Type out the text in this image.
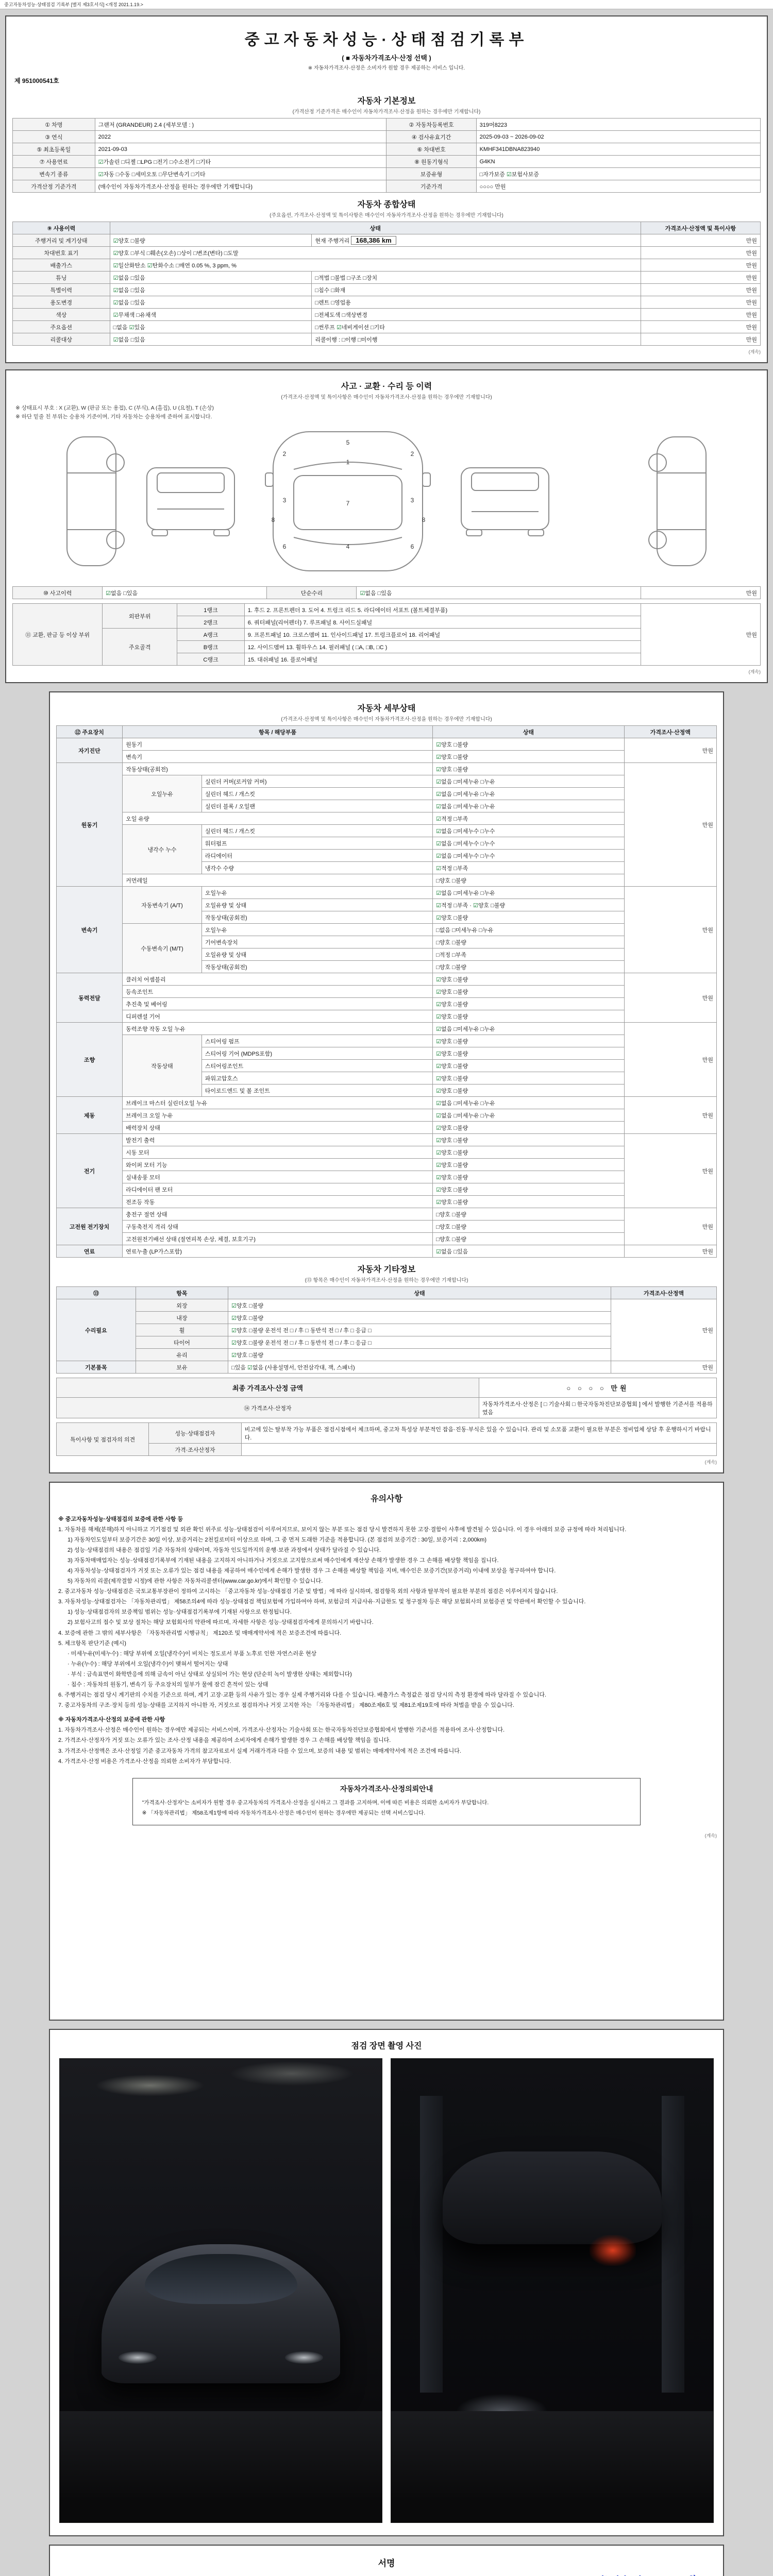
중고자동차성능·상태점검 기록부 [별지 제3호서식] <개정 2021.1.19.>
중고자동차성능·상태점검기록부
( ■ 자동차가격조사·산정 선택 )
※ 자동차가격조사·산정은 소비자가 원할 경우 제공하는 서비스 입니다.
제 951000541호
자동차 기본정보
(가격산정 기준가격은 매수인이 자동차가격조사·산정을 원하는 경우에만 기재합니다)
① 차명	그랜저 (GRANDEUR) 2.4 (세부모델 : )	② 자동차등록번호	319머8223
③ 연식	2022	④ 검사유효기간	2025-09-03 ~ 2026-09-02
⑤ 최초등록일	2021-09-03	⑥ 차대번호	KMHF341DBNA823940
⑦ 사용연료	☑가솔린 □디젤 □LPG □전기 □수소전기 □기타	⑧ 원동기형식	G4KN
변속기 종류	☑자동 □수동 □세미오토 □무단변속기 □기타	보증유형	□자가보증 ☑보험사보증
가격산정 기준가격	(매수인이 자동차가격조사·산정을 원하는 경우에만 기재합니다)	기준가격	○○○○ 만원
자동차 종합상태
(주요옵션, 가격조사·산정액 및 특이사항은 매수인이 자동차가격조사·산정을 원하는 경우에만 기재합니다)
⑨ 사용이력	상태		가격조사·산정액 및 특이사항
주행거리 및 계기상태	☑양호 □불량	현재 주행거리 168,386 km	만원
차대번호 표기	☑양호 □부식 □훼손(오손) □상이 □변조(변타) □도말		만원
배출가스	☑일산화탄소 ☑탄화수소 □매연 0.05 %, 3 ppm, %		만원
튜닝	☑없음 □있음	□적법 □불법 □구조 □장치	만원
특별이력	☑없음 □있음	□침수 □화재	만원
용도변경	☑없음 □있음	□렌트 □영업용	만원
색상	☑무채색 □유채색	□전체도색 □색상변경	만원
주요옵션	□없음 ☑있음	□썬루프 ☑네비게이션 □기타	만원
리콜대상	☑없음 □있음	리콜이행 : □이행 □미이행	만원
(계속)
사고 · 교환 · 수리 등 이력
(가격조사·산정액 및 특이사항은 매수인이 자동차가격조사·산정을 원하는 경우에만 기재합니다)
※ 상태표시 부호 : X (교환), W (판금 또는 용접), C (부식), A (흠집), U (요철), T (손상)
※ 하단 밑줄 친 부위는 승용차 기준이며, 기타 자동차는 승용차에 준하여 표시합니다.
5
1
2	2
7
3	3
8	8
6	6
4
⑩ 사고이력	☑없음 □있음	단순수리	☑없음 □있음	만원
⑪ 교환, 판금 등 이상 부위	외판부위	1랭크	1. 후드 2. 프론트펜더 3. 도어 4. 트렁크 리드 5. 라디에이터 서포트 (볼트체결부품)	만원
		2랭크	6. 쿼터패널(리어펜더) 7. 루프패널 8. 사이드실패널	
	주요골격	A랭크	9. 프론트패널 10. 크로스멤버 11. 인사이드패널 17. 트렁크플로어 18. 리어패널	
		B랭크	12. 사이드멤버 13. 휠하우스 14. 필러패널 ( □A, □B, □C )	
		C랭크	15. 대쉬패널 16. 플로어패널	
(계속)
자동차 세부상태
(가격조사·산정액 및 특이사항은 매수인이 자동차가격조사·산정을 원하는 경우에만 기재합니다)
⑫ 주요장치	항목 / 해당부품		상태	가격조사·산정액
자기진단	원동기		☑양호 □불량	만원
	변속기		☑양호 □불량	
원동기	작동상태(공회전)		☑양호 □불량	만원
	오일누유	실린더 커버(로커암 커버)	☑없음 □미세누유 □누유	
		실린더 헤드 / 개스킷	☑없음 □미세누유 □누유	
		실린더 블록 / 오일팬	☑없음 □미세누유 □누유	
	오일 유량		☑적정 □부족	
	냉각수 누수	실린더 헤드 / 개스킷	☑없음 □미세누수 □누수	
		워터펌프	☑없음 □미세누수 □누수	
		라디에이터	☑없음 □미세누수 □누수	
		냉각수 수량	☑적정 □부족	
	커먼레일		□양호 □불량	
변속기	자동변속기 (A/T)	오일누유	☑없음 □미세누유 □누유	만원
		오일유량 및 상태	☑적정 □부족 · ☑양호 □불량	
		작동상태(공회전)	☑양호 □불량	
	수동변속기 (M/T)	오일누유	□없음 □미세누유 □누유	
		기어변속장치	□양호 □불량	
		오일유량 및 상태	□적정 □부족	
		작동상태(공회전)	□양호 □불량	
동력전달	클러치 어셈블리		☑양호 □불량	만원
	등속조인트		☑양호 □불량	
	추진축 및 베어링		☑양호 □불량	
	디퍼렌셜 기어		☑양호 □불량	
조향	동력조향 작동 오일 누유		☑없음 □미세누유 □누유	만원
	작동상태	스티어링 펌프	☑양호 □불량	
		스티어링 기어 (MDPS포함)	☑양호 □불량	
		스티어링조인트	☑양호 □불량	
		파워고압호스	☑양호 □불량	
		타이로드엔드 및 볼 조인트	☑양호 □불량	
제동	브레이크 마스터 실린더오일 누유		☑없음 □미세누유 □누유	만원
	브레이크 오일 누유		☑없음 □미세누유 □누유	
	배력장치 상태		☑양호 □불량	
전기	발전기 출력		☑양호 □불량	만원
	시동 모터		☑양호 □불량	
	와이퍼 모터 기능		☑양호 □불량	
	실내송풍 모터		☑양호 □불량	
	라디에이터 팬 모터		☑양호 □불량	
	전조등 작동		☑양호 □불량	
고전원 전기장치	충전구 절연 상태		□양호 □불량	만원
	구동축전지 격리 상태		□양호 □불량	
	고전원전기배선 상태 (절연피복 손상, 체결, 보호기구)		□양호 □불량	
연료	연료누출 (LP가스포함)		☑없음 □있음	만원
자동차 기타정보
(⑬ 항목은 매수인이 자동차가격조사·산정을 원하는 경우에만 기재합니다)
⑬	항목	상태	가격조사·산정액
수리필요	외장	☑양호 □불량	만원
	내장	☑양호 □불량	
	휠	☑양호 □불량 운전석 전 □ / 후 □ 동반석 전 □ / 후 □ 응급 □	
	타이어	☑양호 □불량 운전석 전 □ / 후 □ 동반석 전 □ / 후 □ 응급 □	
	유리	☑양호 □불량	
기본품목	보유	□있음 ☑없음 (사용설명서, 안전삼각대, 잭, 스패너)	만원
최종 가격조사·산정 금액	○ ○ ○ ○ 만원
⑭ 가격조사·산정자	자동차가격조사·산정은 [ □ 기술사회 □ 한국자동차진단보증협회 ] 에서 발행한 기준서를 적용하였음
특이사항 및 점검자의 의견	성능·상태점검자	비고에 있는 탈부착 가능 부품은 점검시점에서 체크하며, 중고차 특성상 부분적인 잡음·진동·부식은 있을 수 있습니다. 관리 및 소모품 교환이 필요한 부분은 정비업체 상담 후 운행하시기 바랍니다.
	가격·조사산정자	
(계속)
유의사항
※ 중고자동차성능·상태점검의 보증에 관한 사항 등
1. 자동차를 해체(분해)하지 아니하고 기기점검 및 외관 확인 위주로 성능·상태점검이 이루어지므로, 보이지 않는 부분 또는 점검 당시 발견하지 못한 고장·결함이 사후에 발견될 수 있습니다. 이 경우 아래의 보증 규정에 따라 처리됩니다.
1) 자동차인도일부터 보증기간은 30일 이상, 보증거리는 2천킬로미터 이상으로 하며, 그 중 먼저 도래한 기준을 적용합니다. (본 점검의 보증기간 : 30일, 보증거리 : 2,000km)
2) 성능·상태점검의 내용은 점검일 기준 자동차의 상태이며, 자동차 인도일까지의 운행·보관 과정에서 상태가 달라질 수 있습니다.
3) 자동차매매업자는 성능·상태점검기록부에 기재된 내용을 고지하지 아니하거나 거짓으로 고지함으로써 매수인에게 재산상 손해가 발생한 경우 그 손해를 배상할 책임을 집니다.
4) 자동차성능·상태점검자가 거짓 또는 오류가 있는 점검 내용을 제공하여 매수인에게 손해가 발생한 경우 그 손해를 배상할 책임을 지며, 매수인은 보증기간(보증거리) 이내에 보상을 청구하여야 합니다.
5) 자동차의 리콜(제작결함 시정)에 관한 사항은 자동차리콜센터(www.car.go.kr)에서 확인할 수 있습니다.
2. 중고자동차 성능·상태점검은 국토교통부장관이 정하여 고시하는 「중고자동차 성능·상태점검 기준 및 방법」에 따라 실시하며, 점검항목 외의 사항과 탈부착이 필요한 부분의 점검은 이루어지지 않습니다.
3. 자동차성능·상태점검자는 「자동차관리법」 제58조의4에 따라 성능·상태점검 책임보험에 가입하여야 하며, 보험금의 지급사유·지급한도 및 청구절차 등은 해당 보험회사의 보험증권 및 약관에서 확인할 수 있습니다.
1) 성능·상태점검자의 보증책임 범위는 성능·상태점검기록부에 기재된 사항으로 한정됩니다.
2) 보험사고의 접수 및 보상 절차는 해당 보험회사의 약관에 따르며, 자세한 사항은 성능·상태점검자에게 문의하시기 바랍니다.
4. 보증에 관한 그 밖의 세부사항은 「자동차관리법 시행규칙」 제120조 및 매매계약서에 적은 보증조건에 따릅니다.
5. 체크항목 판단기준 (예시)
· 미세누유(미세누수) : 해당 부위에 오일(냉각수)이 비치는 정도로서 부품 노후로 인한 자연스러운 현상
· 누유(누수) : 해당 부위에서 오일(냉각수)이 맺혀서 떨어지는 상태
· 부식 : 금속표면이 화학반응에 의해 금속이 아닌 상태로 상실되어 가는 현상 (단순히 녹이 발생한 상태는 제외합니다)
· 침수 : 자동차의 원동기, 변속기 등 주요장치의 일부가 물에 잠긴 흔적이 있는 상태
6. 주행거리는 점검 당시 계기판의 수치를 기준으로 하며, 계기 고장·교환 등의 사유가 있는 경우 실제 주행거리와 다를 수 있습니다. 배출가스 측정값은 점검 당시의 측정 환경에 따라 달라질 수 있습니다.
7. 중고자동차의 구조·장치 등의 성능·상태를 고지하지 아니한 자, 거짓으로 점검하거나 거짓 고지한 자는 「자동차관리법」 제80조제6호 및 제81조제19호에 따라 처벌을 받을 수 있습니다.
※ 자동차가격조사·산정의 보증에 관한 사항
1. 자동차가격조사·산정은 매수인이 원하는 경우에만 제공되는 서비스이며, 가격조사·산정자는 기술사회 또는 한국자동차진단보증협회에서 발행한 기준서를 적용하여 조사·산정합니다.
2. 가격조사·산정자가 거짓 또는 오류가 있는 조사·산정 내용을 제공하여 소비자에게 손해가 발생한 경우 그 손해를 배상할 책임을 집니다.
3. 가격조사·산정액은 조사·산정일 기준 중고자동차 가격의 참고자료로서 실제 거래가격과 다를 수 있으며, 보증의 내용 및 범위는 매매계약서에 적은 조건에 따릅니다.
4. 가격조사·산정 비용은 가격조사·산정을 의뢰한 소비자가 부담합니다.
자동차가격조사·산정의뢰안내
"가격조사·산정자"는 소비자가 원할 경우 중고자동차의 가격조사·산정을 실시하고 그 결과를 고지하며, 이에 따른 비용은 의뢰한 소비자가 부담합니다.
※ 「자동차관리법」 제58조제1항에 따라 자동차가격조사·산정은 매수인이 원하는 경우에만 제공되는 선택 서비스입니다.
(계속)
점검 장면 촬영 사진
서명
